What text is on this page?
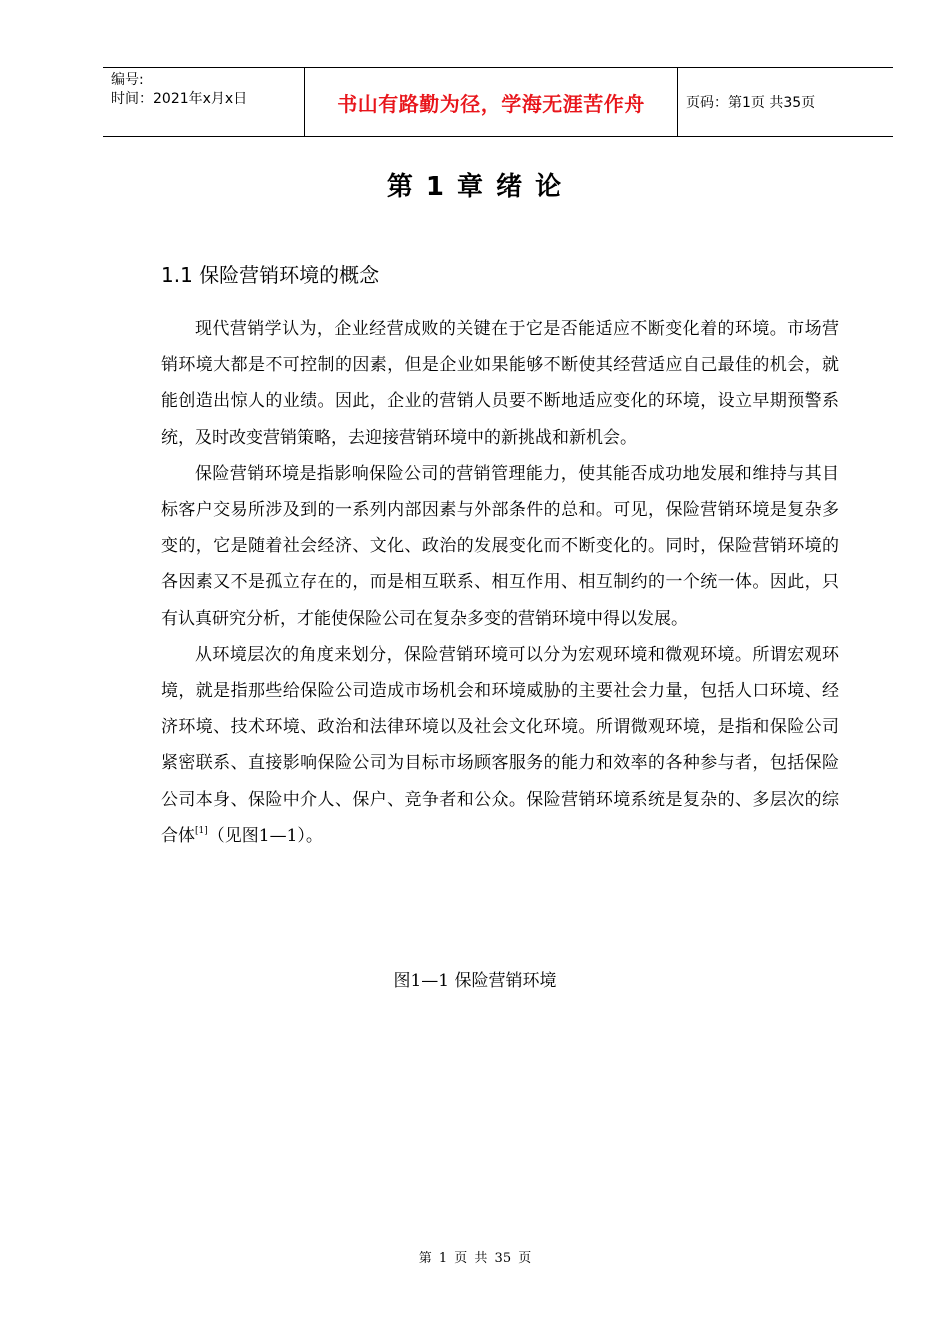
编号:
时间：2021年x月x日	书山有路勤为径，学海无涯苦作舟	页码：第1页 共35页
第 1 章 绪 论
1.1 保险营销环境的概念

现代营销学认为，企业经营成败的关键在于它是否能适应不断变化着的环境。市场营销环境大都是不可控制的因素，但是企业如果能够不断使其经营适应自己最佳的机会，就能创造出惊人的业绩。因此，企业的营销人员要不断地适应变化的环境，设立早期预警系统，及时改变营销策略，去迎接营销环境中的新挑战和新机会。

保险营销环境是指影响保险公司的营销管理能力，使其能否成功地发展和维持与其目标客户交易所涉及到的一系列内部因素与外部条件的总和。可见，保险营销环境是复杂多变的，它是随着社会经济、文化、政治的发展变化而不断变化的。同时，保险营销环境的各因素又不是孤立存在的，而是相互联系、相互作用、相互制约的一个统一体。因此，只有认真研究分析，才能使保险公司在复杂多变的营销环境中得以发展。

从环境层次的角度来划分，保险营销环境可以分为宏观环境和微观环境。所谓宏观环境，就是指那些给保险公司造成市场机会和环境威胁的主要社会力量，包括人口环境、经济环境、技术环境、政治和法律环境以及社会文化环境。所谓微观环境，是指和保险公司紧密联系、直接影响保险公司为目标市场顾客服务的能力和效率的各种参与者，包括保险公司本身、保险中介人、保户、竞争者和公众。保险营销环境系统是复杂的、多层次的综合体[1]（见图1—1）。

图1—1 保险营销环境
第 1 页 共 35 页
